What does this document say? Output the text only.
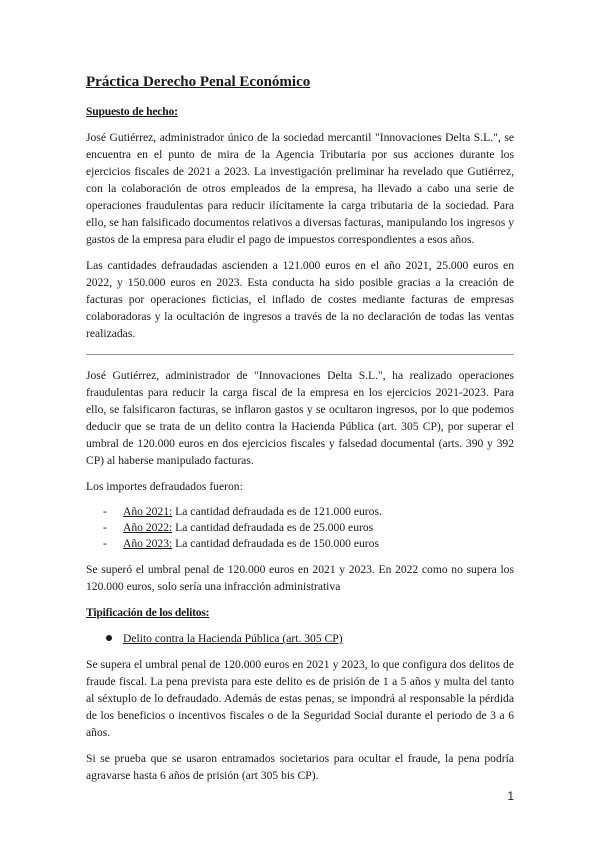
Práctica Derecho Penal Económico
Supuesto de hecho:

José Gutiérrez, administrador único de la sociedad mercantil "Innovaciones Delta S.L.", se encuentra en el punto de mira de la Agencia Tributaria por sus acciones durante los ejercicios fiscales de 2021 a 2023. La investigación preliminar ha revelado que Gutiérrez, con la colaboración de otros empleados de la empresa, ha llevado a cabo una serie de operaciones fraudulentas para reducir ilícitamente la carga tributaria de la sociedad. Para ello, se han falsificado documentos relativos a diversas facturas, manipulando los ingresos y gastos de la empresa para eludir el pago de impuestos correspondientes a esos años.

Las cantidades defraudadas ascienden a 121.000 euros en el año 2021, 25.000 euros en 2022, y 150.000 euros en 2023. Esta conducta ha sido posible gracias a la creación de facturas por operaciones ficticias, el inflado de costes mediante facturas de empresas colaboradoras y la ocultación de ingresos a través de la no declaración de todas las ventas realizadas.

José Gutiérrez, administrador de "Innovaciones Delta S.L.", ha realizado operaciones fraudulentas para reducir la carga fiscal de la empresa en los ejercicios 2021-2023. Para ello, se falsificaron facturas, se inflaron gastos y se ocultaron ingresos, por lo que podemos deducir que se trata de un delito contra la Hacienda Pública (art. 305 CP), por superar el umbral de 120.000 euros en dos ejercicios fiscales y falsedad documental (arts. 390 y 392 CP) al haberse manipulado facturas.

Los importes defraudados fueron:

- Año 2021: La cantidad defraudada es de 121.000 euros.
- Año 2022: La cantidad defraudada es de 25.000 euros
- Año 2023: La cantidad defraudada es de 150.000 euros

Se superó el umbral penal de 120.000 euros en 2021 y 2023. En 2022 como no supera los 120.000 euros, solo sería una infracción administrativa

Tipificación de los delitos:
Delito contra la Hacienda Pública (art. 305 CP)

Se supera el umbral penal de 120.000 euros en 2021 y 2023, lo que configura dos delitos de fraude fiscal. La pena prevista para este delito es de prisión de 1 a 5 años y multa del tanto al séxtuplo de lo defraudado. Además de estas penas, se impondrá al responsable la pérdida de los beneficios o incentivos fiscales o de la Seguridad Social durante el periodo de 3 a 6 años.

Si se prueba que se usaron entramados societarios para ocultar el fraude, la pena podría agravarse hasta 6 años de prisión (art 305 bis CP).

1
